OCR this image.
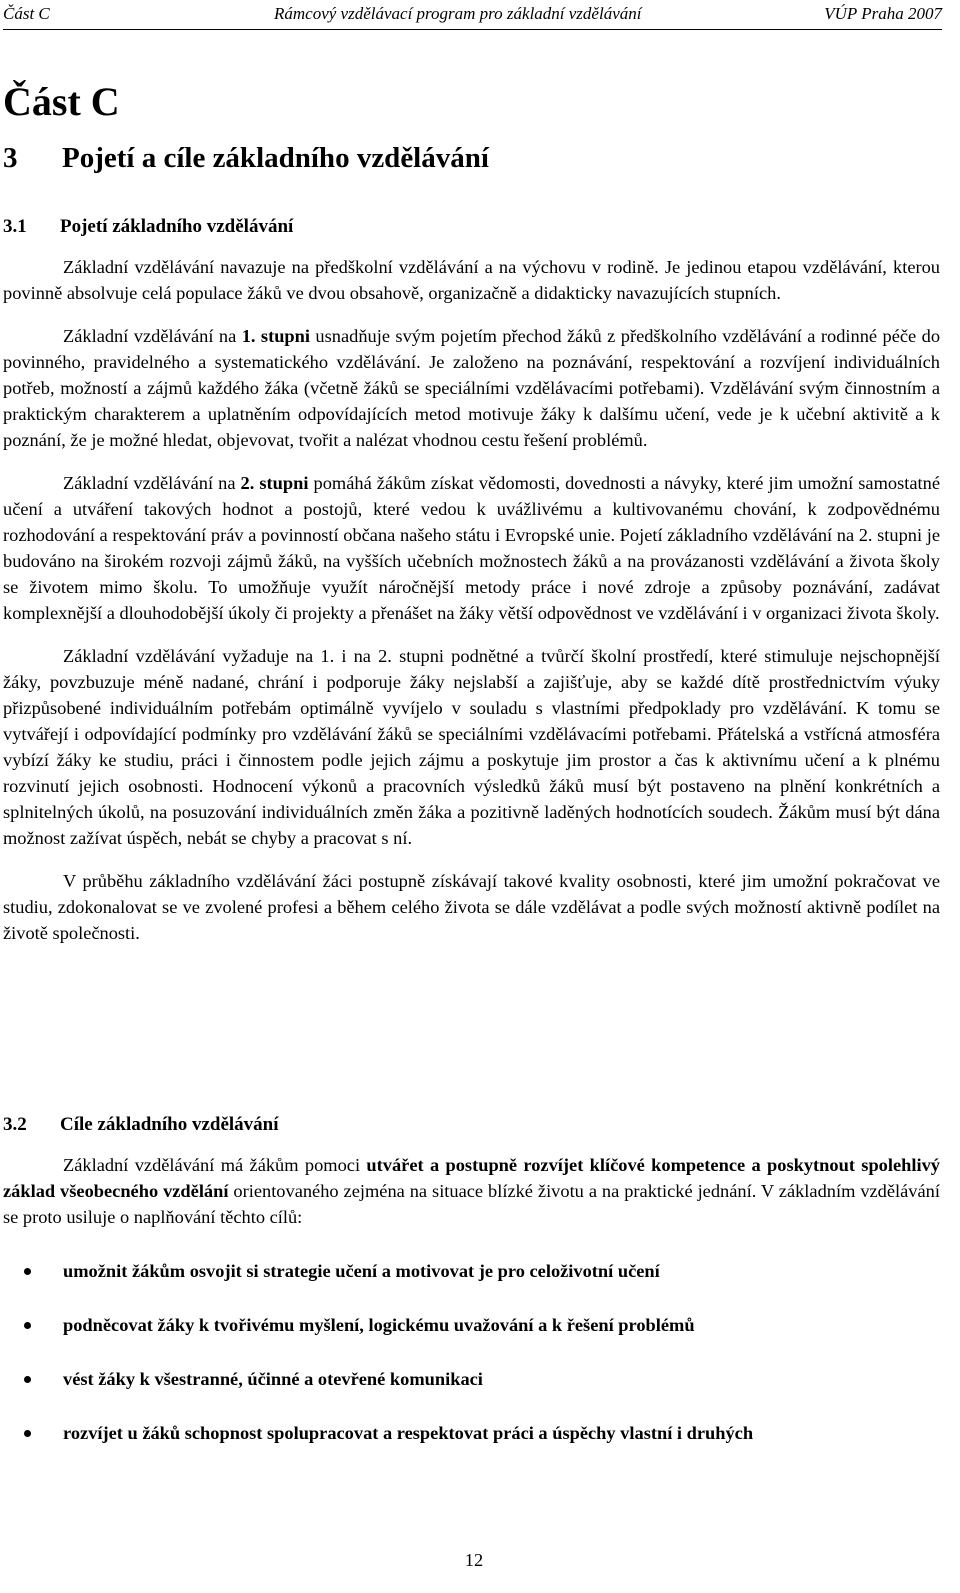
Část C	Rámcový vzdělávací program pro základní vzdělávání	VÚP Praha 2007
Část C
3 Pojetí a cíle základního vzdělávání
3.1 Pojetí základního vzdělávání

Základní vzdělávání navazuje na předškolní vzdělávání a na výchovu v rodině. Je jedinou etapou vzdělávání, kterou povinně absolvuje celá populace žáků ve dvou obsahově, organizačně a didakticky navazujících stupních.

Základní vzdělávání na 1. stupni usnadňuje svým pojetím přechod žáků z předškolního vzdělávání a rodinné péče do povinného, pravidelného a systematického vzdělávání. Je založeno na poznávání, respektování a rozvíjení individuálních potřeb, možností a zájmů každého žáka (včetně žáků se speciálními vzdělávacími potřebami). Vzdělávání svým činnostním a praktickým charakterem a uplatněním odpovídajících metod motivuje žáky k dalšímu učení, vede je k učební aktivitě a k poznání, že je možné hledat, objevovat, tvořit a nalézat vhodnou cestu řešení problémů.

Základní vzdělávání na 2. stupni pomáhá žákům získat vědomosti, dovednosti a návyky, které jim umožní samostatné učení a utváření takových hodnot a postojů, které vedou k uvážlivému a kultivovanému chování, k zodpovědnému rozhodování a respektování práv a povinností občana našeho státu i Evropské unie. Pojetí základního vzdělávání na 2. stupni je budováno na širokém rozvoji zájmů žáků, na vyšších učebních možnostech žáků a na provázanosti vzdělávání a života školy se životem mimo školu. To umožňuje využít náročnější metody práce i nové zdroje a způsoby poznávání, zadávat komplexnější a dlouhodobější úkoly či projekty a přenášet na žáky větší odpovědnost ve vzdělávání i v organizaci života školy.

Základní vzdělávání vyžaduje na 1. i na 2. stupni podnětné a tvůrčí školní prostředí, které stimuluje nejschopnější žáky, povzbuzuje méně nadané, chrání i podporuje žáky nejslabší a zajišťuje, aby se každé dítě prostřednictvím výuky přizpůsobené individuálním potřebám optimálně vyvíjelo v souladu s vlastními předpoklady pro vzdělávání. K tomu se vytvářejí i odpovídající podmínky pro vzdělávání žáků se speciálními vzdělávacími potřebami. Přátelská a vstřícná atmosféra vybízí žáky ke studiu, práci i činnostem podle jejich zájmu a poskytuje jim prostor a čas k aktivnímu učení a k plnému rozvinutí jejich osobnosti. Hodnocení výkonů a pracovních výsledků žáků musí být postaveno na plnění konkrétních a splnitelných úkolů, na posuzování individuálních změn žáka a pozitivně laděných hodnotících soudech. Žákům musí být dána možnost zažívat úspěch, nebát se chyby a pracovat s ní.

V průběhu základního vzdělávání žáci postupně získávají takové kvality osobnosti, které jim umožní pokračovat ve studiu, zdokonalovat se ve zvolené profesi a během celého života se dále vzdělávat a podle svých možností aktivně podílet na životě společnosti.

3.2 Cíle základního vzdělávání

Základní vzdělávání má žákům pomoci utvářet a postupně rozvíjet klíčové kompetence a poskytnout spolehlivý základ všeobecného vzdělání orientovaného zejména na situace blízké životu a na praktické jednání. V základním vzdělávání se proto usiluje o naplňování těchto cílů:

umožnit žákům osvojit si strategie učení a motivovat je pro celoživotní učení
podněcovat žáky k tvořivému myšlení, logickému uvažování a k řešení problémů
vést žáky k všestranné, účinné a otevřené komunikaci
rozvíjet u žáků schopnost spolupracovat a respektovat práci a úspěchy vlastní i druhých
12
